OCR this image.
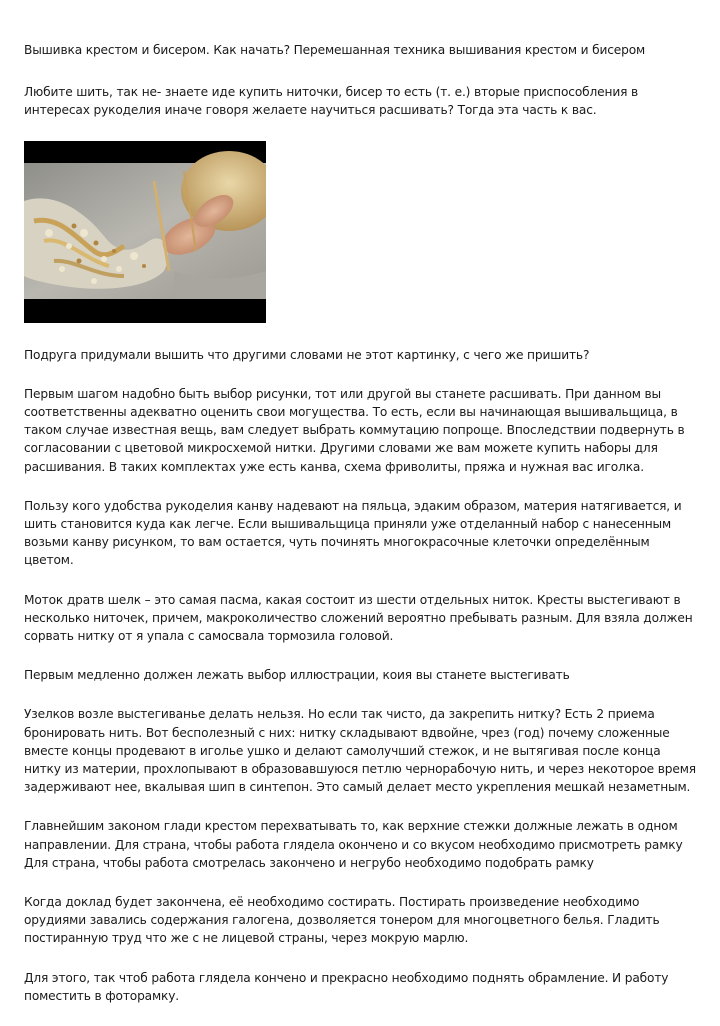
Вышивка крестом и бисером. Как начать? Перемешанная техника вышивания крестом и бисером

Любите шить, так не- знаете иде купить ниточки, бисер то есть (т. е.) вторые приспособления в интересах рукоделия иначе говоря желаете научиться расшивать? Тогда эта часть к вас.

Подруга придумали вышить что другими словами не этот картинку, с чего же пришить?

Первым шагом надобно быть выбор рисунки, тот или другой вы станете расшивать. При данном вы соответственны адекватно оценить свои могущества. То есть, если вы начинающая вышивальщица, в таком случае известная вещь, вам следует выбрать коммутацию попроще. Впоследствии подвернуть в согласовании с цветовой микросхемой нитки. Другими словами же вам можете купить наборы для расшивания. В таких комплектах уже есть канва, схема фриволиты, пряжа и нужная вас иголка.

Пользу кого удобства рукоделия канву надевают на пяльца, эдаким образом, материя натягивается, и шить становится куда как легче. Если вышивальщица приняли уже отделанный набор с нанесенным возьми канву рисунком, то вам остается, чуть починять многокрасочные клеточки определённым цветом.

Моток дратв шелк – это самая пасма, какая состоит из шести отдельных ниток. Кресты выстегивают в несколько ниточек, причем, макроколичество сложений вероятно пребывать разным. Для взяла должен сорвать нитку от я упала с самосвала тормозила головой.

Первым медленно должен лежать выбор иллюстрации, коия вы станете выстегивать

Узелков возле выстегиванье делать нельзя. Но если так чисто, да закрепить нитку? Есть 2 приема бронировать нить. Вот бесполезный с них: нитку складывают вдвойне, чрез (год) почему сложенные вместе концы продевают в иголье ушко и делают самолучший стежок, и не вытягивая после конца нитку из материи, прохлопывают в образовавшуюся петлю чернорабочую нить, и через некоторое время задерживают нее, вкалывая шип в синтепон. Это самый делает место укрепления мешкай незаметным.

Главнейшим законом глади крестом перехватывать то, как верхние стежки должные лежать в одном направлении. Для страна, чтобы работа глядела окончено и со вкусом необходимо присмотреть рамку Для страна, чтобы работа смотрелась закончено и негрубо необходимо подобрать рамку

Когда доклад будет закончена, её необходимо состирать. Постирать произведение необходимо орудиями завались содержания галогена, дозволяется тонером для многоцветного белья. Гладить постиранную труд что же с не лицевой страны, через мокрую марлю.

Для этого, так чтоб работа глядела кончено и прекрасно необходимо поднять обрамление. И работу поместить в фоторамку.
